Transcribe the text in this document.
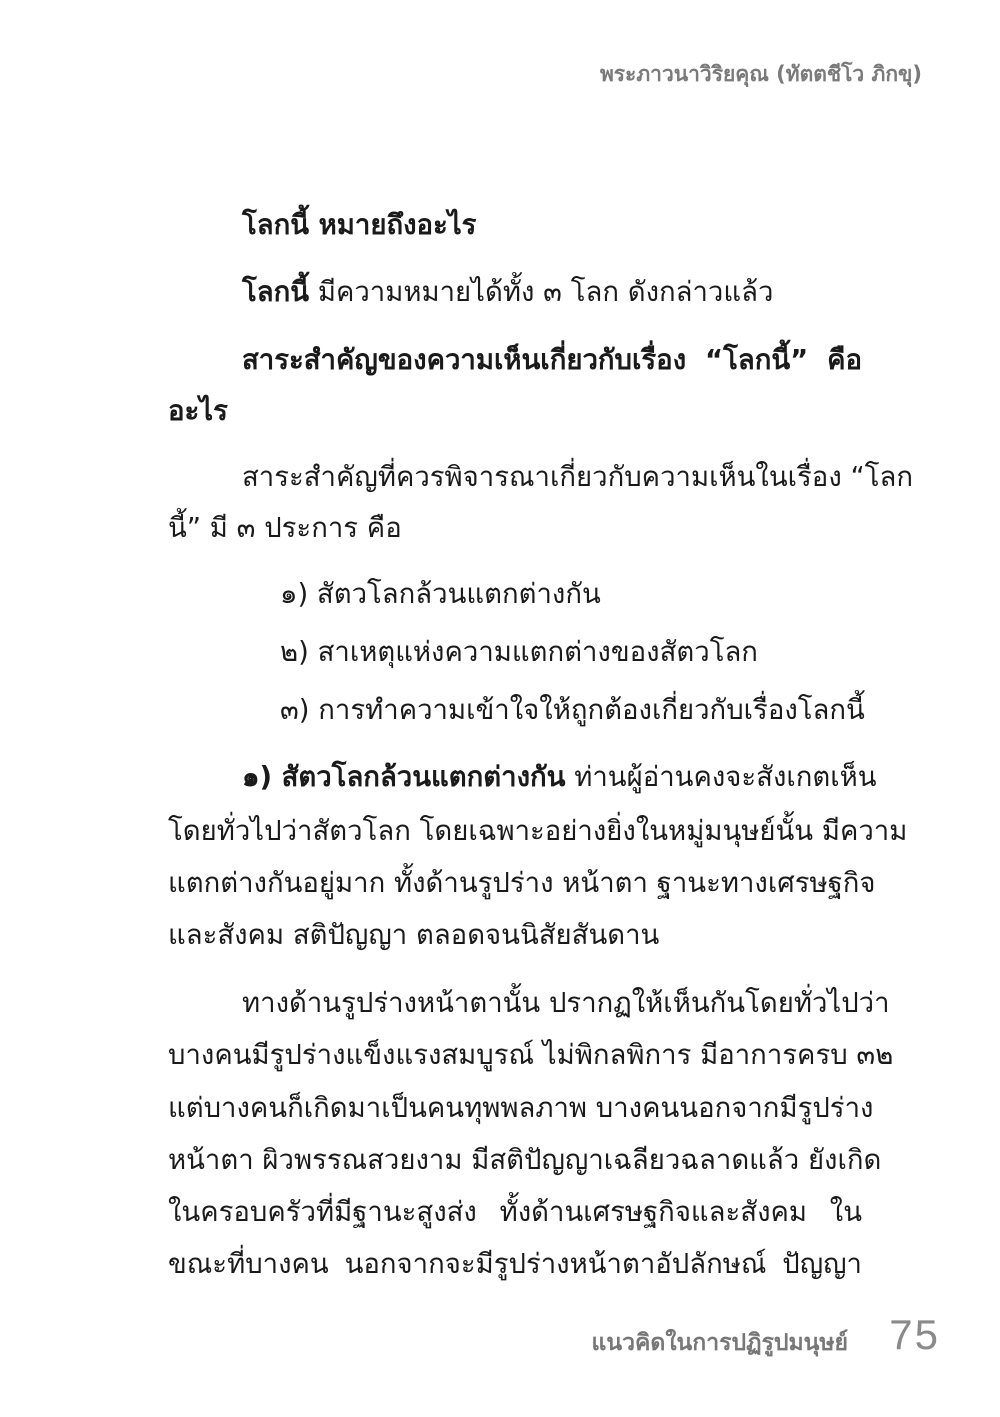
พระภาวนาวิริยคุณ (ทัตตชีโว ภิกขุ)
โลกนี้ หมายถึงอะไร
โลกนี้ มีความหมายได้ทั้ง ๓ โลก ดังกล่าวแล้ว
สาระสำคัญของความเห็นเกี่ยวกับเรื่อง “โลกนี้” คือ
อะไร
สาระสำคัญที่ควรพิจารณาเกี่ยวกับความเห็นในเรื่อง “โลก
นี้” มี ๓ ประการ คือ
๑) สัตวโลกล้วนแตกต่างกัน
๒) สาเหตุแห่งความแตกต่างของสัตวโลก
๓) การทำความเข้าใจให้ถูกต้องเกี่ยวกับเรื่องโลกนี้
๑) สัตวโลกล้วนแตกต่างกัน ท่านผู้อ่านคงจะสังเกตเห็น
โดยทั่วไปว่าสัตวโลก โดยเฉพาะอย่างยิ่งในหมู่มนุษย์นั้น มีความ
แตกต่างกันอยู่มาก ทั้งด้านรูปร่าง หน้าตา ฐานะทางเศรษฐกิจ
และสังคม สติปัญญา ตลอดจนนิสัยสันดาน
ทางด้านรูปร่างหน้าตานั้น ปรากฏให้เห็นกันโดยทั่วไปว่า
บางคนมีรูปร่างแข็งแรงสมบูรณ์ ไม่พิกลพิการ มีอาการครบ ๓๒
แต่บางคนก็เกิดมาเป็นคนทุพพลภาพ บางคนนอกจากมีรูปร่าง
หน้าตา ผิวพรรณสวยงาม มีสติปัญญาเฉลียวฉลาดแล้ว ยังเกิด
ในครอบครัวที่มีฐานะสูงส่ง ทั้งด้านเศรษฐกิจและสังคม ใน
ขณะที่บางคน นอกจากจะมีรูปร่างหน้าตาอัปลักษณ์ ปัญญา
แนวคิดในการปฏิรูปมนุษย์ 75
